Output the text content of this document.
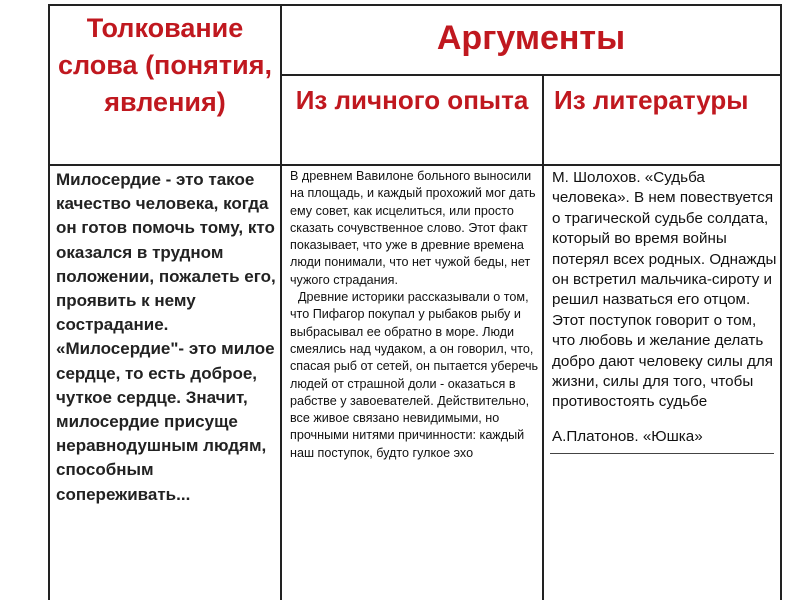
Толкование слова (понятия, явления)
Аргументы
Из личного опыта Из литературы
Милосердие - это такое качество человека, когда он готов помочь тому, кто оказался в трудном положении, пожалеть его, проявить к нему сострадание. «Милосердие"- это милое сердце, то есть доброе, чуткое сердце. Значит, милосердие присуще неравнодушным людям, способным сопереживать...
В древнем Вавилоне больного выносили на площадь, и каждый прохожий мог дать ему совет, как исцелиться, или просто сказать сочувственное слово. Этот факт показывает, что уже в древние времена люди понимали, что нет чужой беды, нет чужого страдания.
Древние историки рассказывали о том, что Пифагор покупал у рыбаков рыбу и выбрасывал ее обратно в море. Люди смеялись над чудаком, а он говорил, что, спасая рыб от сетей, он пытается уберечь людей от страшной доли - оказаться в рабстве у завоевателей. Действительно, все живое связано невидимыми, но прочными нитями причинности: каждый наш поступок, будто гулкое эхо
М. Шолохов. «Судьба человека». В нем повествуется о трагической судьбе солдата, который во время войны потерял всех родных. Однажды он встретил мальчика-сироту и решил назваться его отцом. Этот поступок говорит о том, что любовь и желание делать добро дают человеку силы для жизни, силы для того, чтобы противостоять судьбе
А.Платонов. «Юшка»
